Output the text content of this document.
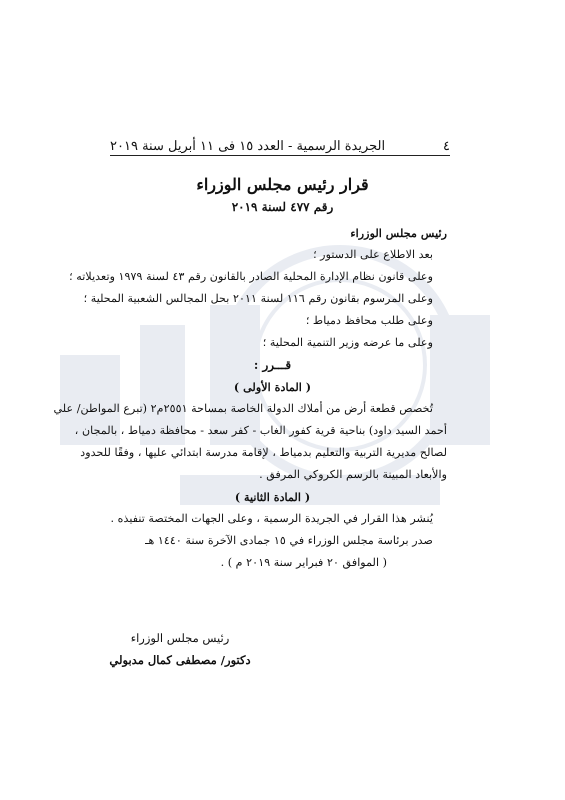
٤
الجريدة الرسمية - العدد ١٥ فى ١١ أبريل سنة ٢٠١٩
قرار رئيس مجلس الوزراء
رقم ٤٧٧ لسنة ٢٠١٩
رئيس مجلس الوزراء
بعد الاطلاع على الدستور ؛
وعلى قانون نظام الإدارة المحلية الصادر بالقانون رقم ٤٣ لسنة ١٩٧٩ وتعديلاته ؛
وعلى المرسوم بقانون رقم ١١٦ لسنة ٢٠١١ بحل المجالس الشعبية المحلية ؛
وعلى طلب محافظ دمياط ؛
وعلى ما عرضه وزير التنمية المحلية ؛
قـــرر :
( المادة الأولى )
تُخصص قطعة أرض من أملاك الدولة الخاصة بمساحة ٢٥٥١م٢ (تبرع المواطن/ علي
أحمد السيد داود) بناحية قرية كفور الغاب - كفر سعد - محافظة دمياط ، بالمجان ،
لصالح مديرية التربية والتعليم بدمياط ، لإقامة مدرسة ابتدائي عليها ، وفقًا للحدود
والأبعاد المبينة بالرسم الكروكي المرفق .
( المادة الثانية )
يُنشر هذا القرار في الجريدة الرسمية ، وعلى الجهات المختصة تنفيذه .
صدر برئاسة مجلس الوزراء في ١٥ جمادى الآخرة سنة ١٤٤٠ هـ
( الموافق ٢٠ فبراير سنة ٢٠١٩ م ) .
رئيس مجلس الوزراء
دكتور/ مصطفى كمال مدبولي
